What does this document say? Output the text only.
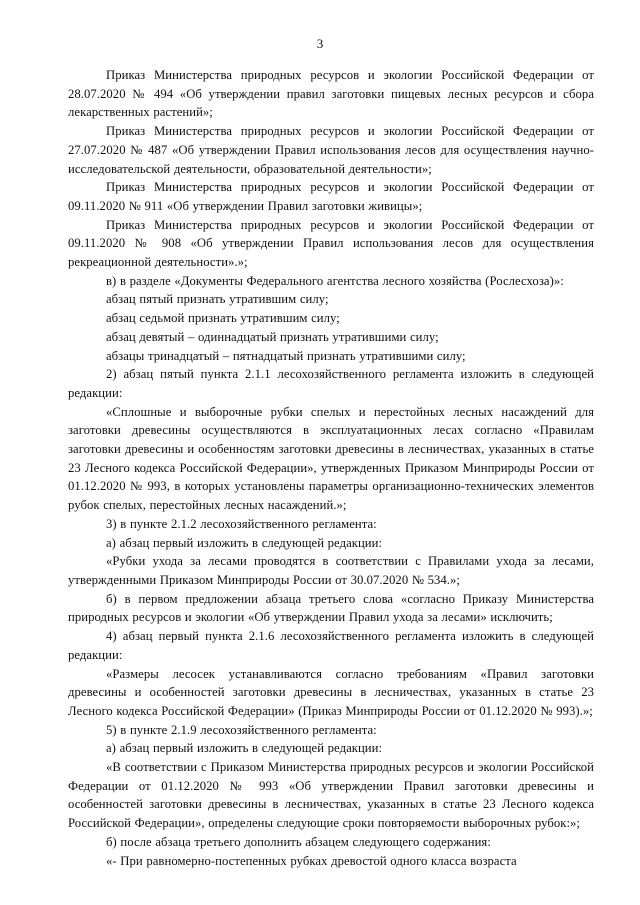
3

Приказ Министерства природных ресурсов и экологии Российской Федерации от 28.07.2020 № 494 «Об утверждении правил заготовки пищевых лесных ресурсов и сбора лекарственных растений»;

Приказ Министерства природных ресурсов и экологии Российской Федерации от 27.07.2020 № 487 «Об утверждении Правил использования лесов для осуществления научно-исследовательской деятельности, образовательной деятельности»;

Приказ Министерства природных ресурсов и экологии Российской Федерации от 09.11.2020 № 911 «Об утверждении Правил заготовки живицы»;

Приказ Министерства природных ресурсов и экологии Российской Федерации от 09.11.2020 № 908 «Об утверждении Правил использования лесов для осуществления рекреационной деятельности».»;

в) в разделе «Документы Федерального агентства лесного хозяйства (Рослесхоза)»:

абзац пятый признать утратившим силу;

абзац седьмой признать утратившим силу;

абзац девятый – одиннадцатый признать утратившими силу;

абзацы тринадцатый – пятнадцатый признать утратившими силу;

2) абзац пятый пункта 2.1.1 лесохозяйственного регламента изложить в следующей редакции:

«Сплошные и выборочные рубки спелых и перестойных лесных насаждений для заготовки древесины осуществляются в эксплуатационных лесах согласно «Правилам заготовки древесины и особенностям заготовки древесины в лесничествах, указанных в статье 23 Лесного кодекса Российской Федерации», утвержденных Приказом Минприроды России от 01.12.2020 № 993, в которых установлены параметры организационно-технических элементов рубок спелых, перестойных лесных насаждений.»;

3) в пункте 2.1.2 лесохозяйственного регламента:

а) абзац первый изложить в следующей редакции:

«Рубки ухода за лесами проводятся в соответствии с Правилами ухода за лесами, утвержденными Приказом Минприроды России от 30.07.2020 № 534.»;

б) в первом предложении абзаца третьего слова «согласно Приказу Министерства природных ресурсов и экологии «Об утверждении Правил ухода за лесами» исключить;

4) абзац первый пункта 2.1.6 лесохозяйственного регламента изложить в следующей редакции:

«Размеры лесосек устанавливаются согласно требованиям «Правил заготовки древесины и особенностей заготовки древесины в лесничествах, указанных в статье 23 Лесного кодекса Российской Федерации» (Приказ Минприроды России от 01.12.2020 № 993).»;

5) в пункте 2.1.9 лесохозяйственного регламента:

а) абзац первый изложить в следующей редакции:

«В соответствии с Приказом Министерства природных ресурсов и экологии Российской Федерации от 01.12.2020 № 993 «Об утверждении Правил заготовки древесины и особенностей заготовки древесины в лесничествах, указанных в статье 23 Лесного кодекса Российской Федерации», определены следующие сроки повторяемости выборочных рубок:»;

б) после абзаца третьего дополнить абзацем следующего содержания:

«- При равномерно-постепенных рубках древостой одного класса возраста
